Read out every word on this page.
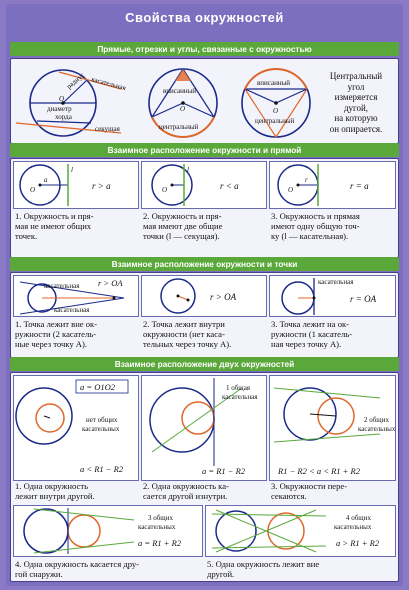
Свойства окружностей
Прямые, отрезки и углы, связанные с окружностью
радиус касательная
O
диаметр
хорда
секущая
вписанный
O
центральный
вписанный
O
центральный
Центральный
угол
измеряется
дугой,
на которую
он опирается.
Взаимное расположение окружности и прямой
O
a
l
r > a	O
l
r < a	O
r
r = a
1. Окружность и пря-
мая не имеют общих
точек.
2. Окружность и пря-
мая имеют две общие
точки (l — секущая).
3. Окружность и прямая
имеют одну общую точ-
ку (l — касательная).
Взаимное расположение окружности и точки
касательная
касательная
r > OA
r > OA
касательная
r = OA
1. Точка лежит вне ок-
ружности (2 касатель-
ные через точку A).
2. Точка лежит внутри
окружности (нет каса-
тельных через точку A).
3. Точка лежит на ок-
ружности (1 касатель-
ная через точку A).
Взаимное расположение двух окружностей
a = O1O2
нет общих
касательных
a < R1 − R2
1 общая
касательная
a = R1 − R2
2 общих
касательных
R1 − R2 < a < R1 + R2
1. Одна окружность
лежит внутри другой.
2. Одна окружность ка-
сается другой изнутри.
3. Окружности пере-
секаются.
3 общих
касательных
a = R1 + R2
4 общих
касательных
a > R1 + R2
4. Одна окружность касается дру-
гой снаружи.
5. Одна окружность лежит вне
другой.
